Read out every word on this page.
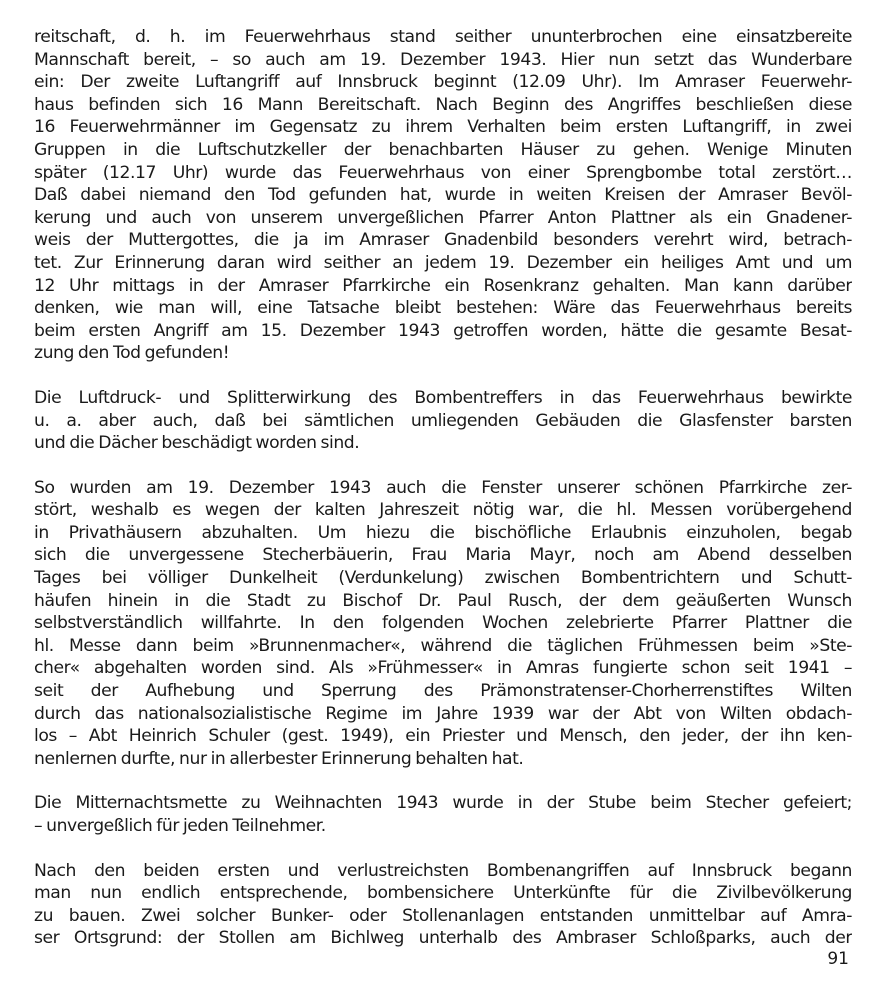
reitschaft, d. h. im Feuerwehrhaus stand seither ununterbrochen eine einsatzbereite
Mannschaft bereit, – so auch am 19. Dezember 1943. Hier nun setzt das Wunderbare
ein: Der zweite Luftangriff auf Innsbruck beginnt (12.09 Uhr). Im Amraser Feuerwehr-
haus befinden sich 16 Mann Bereitschaft. Nach Beginn des Angriffes beschließen diese
16 Feuerwehrmänner im Gegensatz zu ihrem Verhalten beim ersten Luftangriff, in zwei
Gruppen in die Luftschutzkeller der benachbarten Häuser zu gehen. Wenige Minuten
später (12.17 Uhr) wurde das Feuerwehrhaus von einer Sprengbombe total zerstört…
Daß dabei niemand den Tod gefunden hat, wurde in weiten Kreisen der Amraser Bevöl-
kerung und auch von unserem unvergeßlichen Pfarrer Anton Plattner als ein Gnadener-
weis der Muttergottes, die ja im Amraser Gnadenbild besonders verehrt wird, betrach-
tet. Zur Erinnerung daran wird seither an jedem 19. Dezember ein heiliges Amt und um
12 Uhr mittags in der Amraser Pfarrkirche ein Rosenkranz gehalten. Man kann darüber
denken, wie man will, eine Tatsache bleibt bestehen: Wäre das Feuerwehrhaus bereits
beim ersten Angriff am 15. Dezember 1943 getroffen worden, hätte die gesamte Besat-
zung den Tod gefunden!

Die Luftdruck- und Splitterwirkung des Bombentreffers in das Feuerwehrhaus bewirkte
u. a. aber auch, daß bei sämtlichen umliegenden Gebäuden die Glasfenster barsten
und die Dächer beschädigt worden sind.

So wurden am 19. Dezember 1943 auch die Fenster unserer schönen Pfarrkirche zer-
stört, weshalb es wegen der kalten Jahreszeit nötig war, die hl. Messen vorübergehend
in Privathäusern abzuhalten. Um hiezu die bischöfliche Erlaubnis einzuholen, begab
sich die unvergessene Stecherbäuerin, Frau Maria Mayr, noch am Abend desselben
Tages bei völliger Dunkelheit (Verdunkelung) zwischen Bombentrichtern und Schutt-
häufen hinein in die Stadt zu Bischof Dr. Paul Rusch, der dem geäußerten Wunsch
selbstverständlich willfahrte. In den folgenden Wochen zelebrierte Pfarrer Plattner die
hl. Messe dann beim »Brunnenmacher«, während die täglichen Frühmessen beim »Ste-
cher« abgehalten worden sind. Als »Frühmesser« in Amras fungierte schon seit 1941 –
seit der Aufhebung und Sperrung des Prämonstratenser-Chorherrenstiftes Wilten
durch das nationalsozialistische Regime im Jahre 1939 war der Abt von Wilten obdach-
los – Abt Heinrich Schuler (gest. 1949), ein Priester und Mensch, den jeder, der ihn ken-
nenlernen durfte, nur in allerbester Erinnerung behalten hat.

Die Mitternachtsmette zu Weihnachten 1943 wurde in der Stube beim Stecher gefeiert;
– unvergeßlich für jeden Teilnehmer.

Nach den beiden ersten und verlustreichsten Bombenangriffen auf Innsbruck begann
man nun endlich entsprechende, bombensichere Unterkünfte für die Zivilbevölkerung
zu bauen. Zwei solcher Bunker- oder Stollenanlagen entstanden unmittelbar auf Amra-
ser Ortsgrund: der Stollen am Bichlweg unterhalb des Ambraser Schloßparks, auch der

91
